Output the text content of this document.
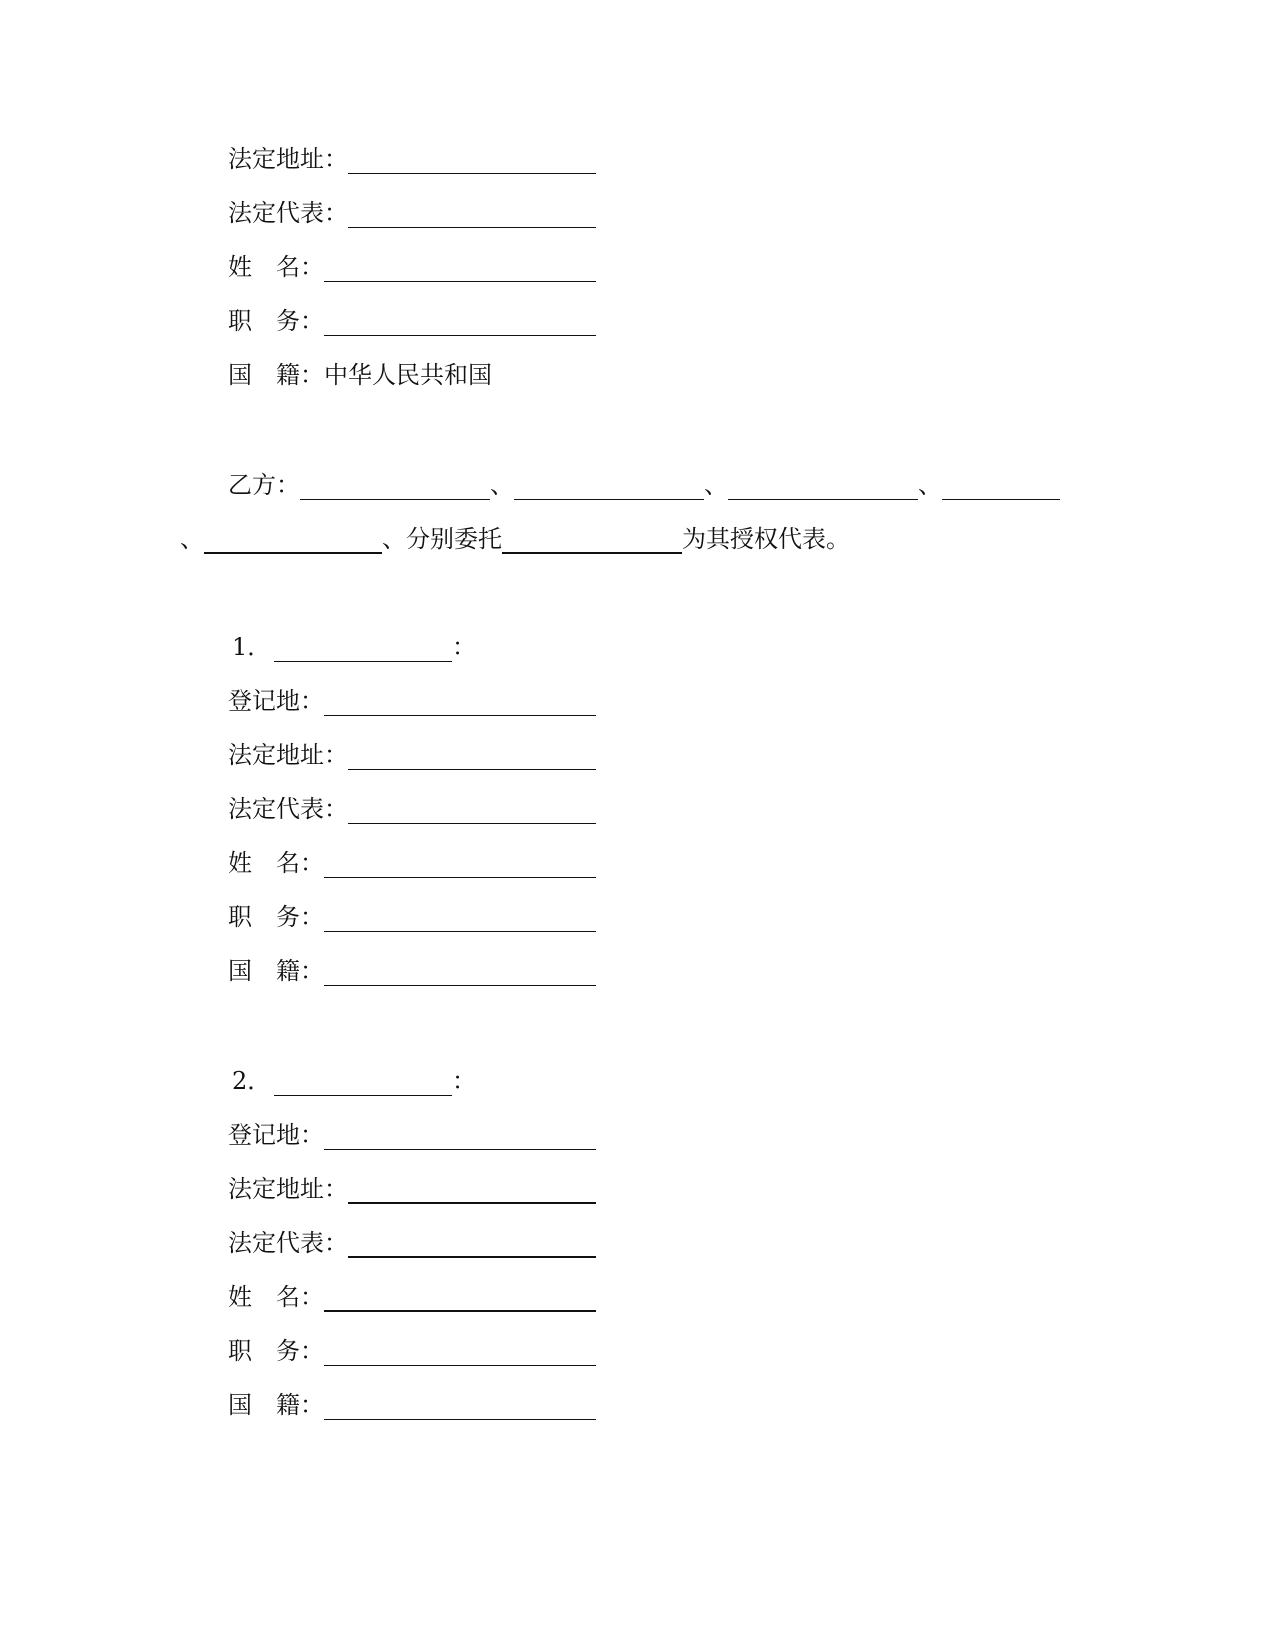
法定地址：
法定代表：
姓 名：
职 务：
国 籍： 中华人民共和国
乙方：	、	、	、
、	、分别委托	为其授权代表。
1．	：
登记地：
法定地址：
法定代表：
姓 名：
职 务：
国 籍：
2．	：
登记地：
法定地址：
法定代表：
姓 名：
职 务：
国 籍：
